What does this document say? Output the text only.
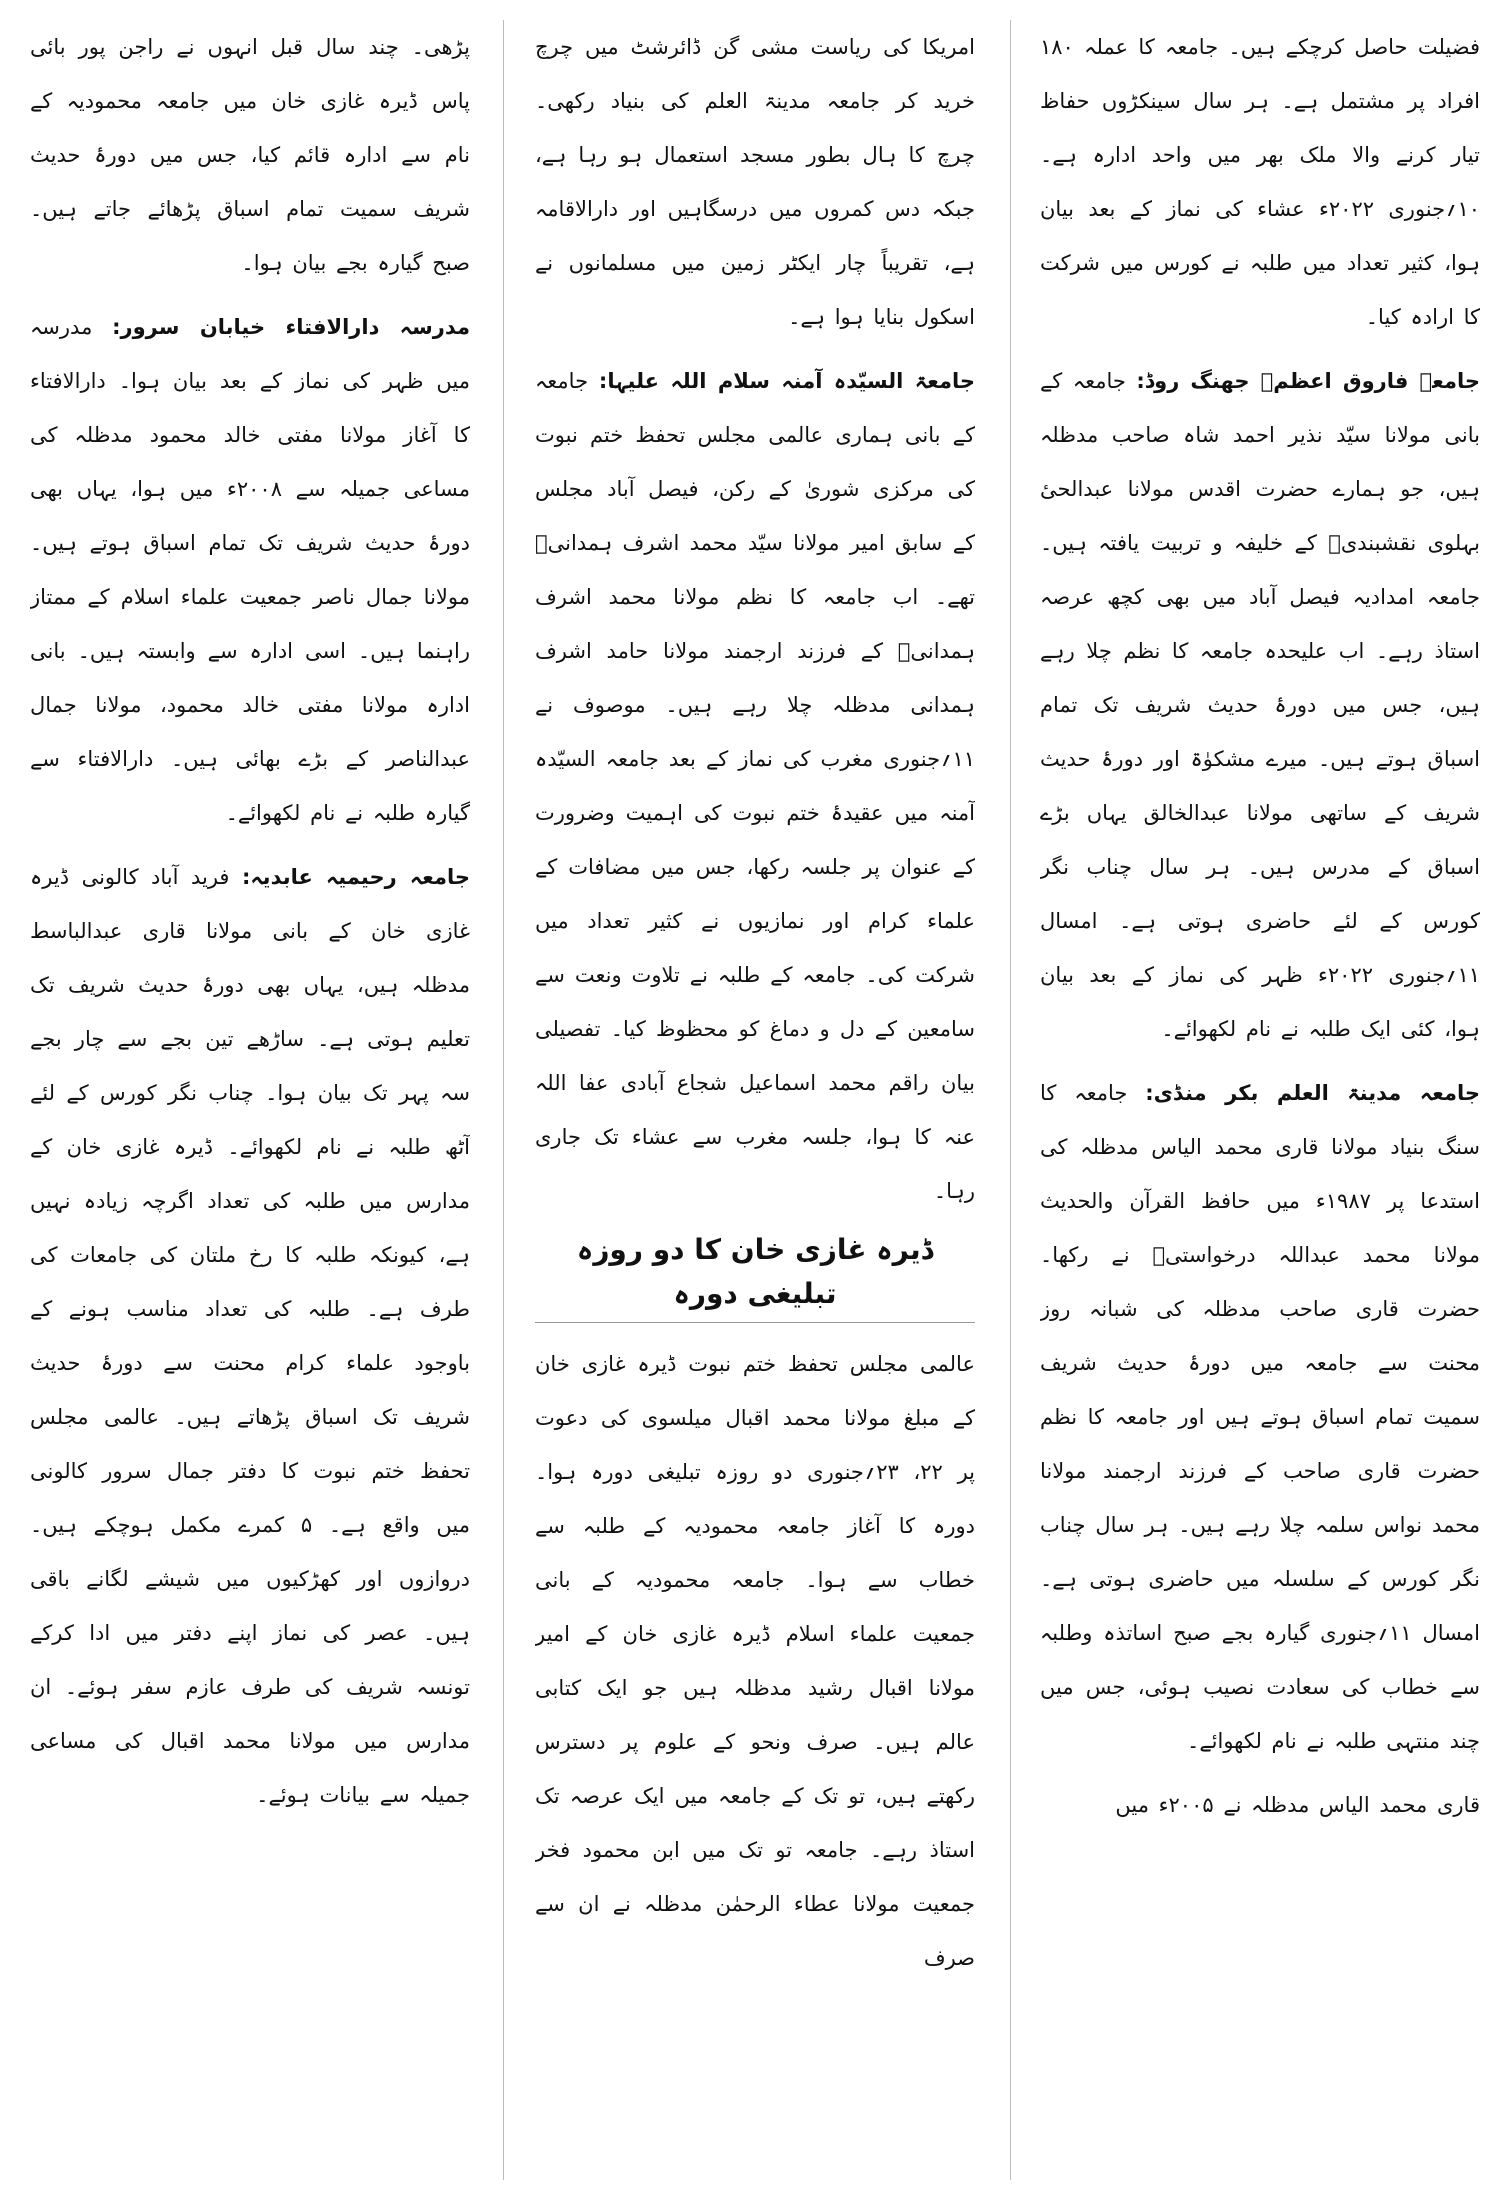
فضیلت حاصل کرچکے ہیں۔ جامعہ کا عملہ ۱۸۰ افراد پر مشتمل ہے۔ ہر سال سینکڑوں حفاظ تیار کرنے والا ملک بھر میں واحد ادارہ ہے۔ ۱۰؍جنوری ۲۰۲۲ء عشاء کی نماز کے بعد بیان ہوا، کثیر تعداد میں طلبہ نے کورس میں شرکت کا ارادہ کیا۔

جامعہ فاروق اعظمؓ جھنگ روڈ: جامعہ کے بانی مولانا سیّد نذیر احمد شاہ صاحب مدظلہ ہیں، جو ہمارے حضرت اقدس مولانا عبدالحیٔ بہلوی نقشبندیؒ کے خلیفہ و تربیت یافتہ ہیں۔ جامعہ امدادیہ فیصل آباد میں بھی کچھ عرصہ استاذ رہے۔ اب علیحدہ جامعہ کا نظم چلا رہے ہیں، جس میں دورۂ حدیث شریف تک تمام اسباق ہوتے ہیں۔ میرے مشکوٰۃ اور دورۂ حدیث شریف کے ساتھی مولانا عبدالخالق یہاں بڑے اسباق کے مدرس ہیں۔ ہر سال چناب نگر کورس کے لئے حاضری ہوتی ہے۔ امسال ۱۱؍جنوری ۲۰۲۲ء ظہر کی نماز کے بعد بیان ہوا، کئی ایک طلبہ نے نام لکھوائے۔

جامعہ مدینۃ العلم بکر منڈی: جامعہ کا سنگ بنیاد مولانا قاری محمد الیاس مدظلہ کی استدعا پر ۱۹۸۷ء میں حافظ القرآن والحدیث مولانا محمد عبداللہ درخواستیؒ نے رکھا۔ حضرت قاری صاحب مدظلہ کی شبانہ روز محنت سے جامعہ میں دورۂ حدیث شریف سمیت تمام اسباق ہوتے ہیں اور جامعہ کا نظم حضرت قاری صاحب کے فرزند ارجمند مولانا محمد نواس سلمہ چلا رہے ہیں۔ ہر سال چناب نگر کورس کے سلسلہ میں حاضری ہوتی ہے۔ امسال ۱۱؍جنوری گیارہ بجے صبح اساتذہ وطلبہ سے خطاب کی سعادت نصیب ہوئی، جس میں چند منتہی طلبہ نے نام لکھوائے۔

قاری محمد الیاس مدظلہ نے ۲۰۰۵ء میں

امریکا کی ریاست مشی گن ڈائرشٹ میں چرچ خرید کر جامعہ مدینۃ العلم کی بنیاد رکھی۔ چرچ کا ہال بطور مسجد استعمال ہو رہا ہے، جبکہ دس کمروں میں درسگاہیں اور دارالاقامہ ہے، تقریباً چار ایکٹر زمین میں مسلمانوں نے اسکول بنایا ہوا ہے۔

جامعۃ السیّدہ آمنہ سلام اللہ علیہا: جامعہ کے بانی ہماری عالمی مجلس تحفظ ختم نبوت کی مرکزی شوریٰ کے رکن، فیصل آباد مجلس کے سابق امیر مولانا سیّد محمد اشرف ہمدانیؒ تھے۔ اب جامعہ کا نظم مولانا محمد اشرف ہمدانیؒ کے فرزند ارجمند مولانا حامد اشرف ہمدانی مدظلہ چلا رہے ہیں۔ موصوف نے ۱۱؍جنوری مغرب کی نماز کے بعد جامعہ السیّدہ آمنہ میں عقیدۂ ختم نبوت کی اہمیت وضرورت کے عنوان پر جلسہ رکھا، جس میں مضافات کے علماء کرام اور نمازیوں نے کثیر تعداد میں شرکت کی۔ جامعہ کے طلبہ نے تلاوت ونعت سے سامعین کے دل و دماغ کو محظوظ کیا۔ تفصیلی بیان راقم محمد اسماعیل شجاع آبادی عفا اللہ عنہ کا ہوا، جلسہ مغرب سے عشاء تک جاری رہا۔

ڈیرہ غازی خان کا دو روزہ تبلیغی دورہ

عالمی مجلس تحفظ ختم نبوت ڈیرہ غازی خان کے مبلغ مولانا محمد اقبال میلسوی کی دعوت پر ۲۲، ۲۳؍جنوری دو روزہ تبلیغی دورہ ہوا۔ دورہ کا آغاز جامعہ محمودیہ کے طلبہ سے خطاب سے ہوا۔ جامعہ محمودیہ کے بانی جمعیت علماء اسلام ڈیرہ غازی خان کے امیر مولانا اقبال رشید مدظلہ ہیں جو ایک کتابی عالم ہیں۔ صرف ونحو کے علوم پر دسترس رکھتے ہیں، تو تک کے جامعہ میں ایک عرصہ تک استاذ رہے۔ جامعہ تو تک میں ابن محمود فخر جمعیت مولانا عطاء الرحمٰن مدظلہ نے ان سے صرف

پڑھی۔ چند سال قبل انہوں نے راجن پور بائی پاس ڈیرہ غازی خان میں جامعہ محمودیہ کے نام سے ادارہ قائم کیا، جس میں دورۂ حدیث شریف سمیت تمام اسباق پڑھائے جاتے ہیں۔ صبح گیارہ بجے بیان ہوا۔

مدرسہ دارالافتاء خیابان سرور: مدرسہ میں ظہر کی نماز کے بعد بیان ہوا۔ دارالافتاء کا آغاز مولانا مفتی خالد محمود مدظلہ کی مساعی جمیلہ سے ۲۰۰۸ء میں ہوا، یہاں بھی دورۂ حدیث شریف تک تمام اسباق ہوتے ہیں۔ مولانا جمال ناصر جمعیت علماء اسلام کے ممتاز راہنما ہیں۔ اسی ادارہ سے وابستہ ہیں۔ بانی ادارہ مولانا مفتی خالد محمود، مولانا جمال عبدالناصر کے بڑے بھائی ہیں۔ دارالافتاء سے گیارہ طلبہ نے نام لکھوائے۔

جامعہ رحیمیہ عابدیہ: فرید آباد کالونی ڈیرہ غازی خان کے بانی مولانا قاری عبدالباسط مدظلہ ہیں، یہاں بھی دورۂ حدیث شریف تک تعلیم ہوتی ہے۔ ساڑھے تین بجے سے چار بجے سہ پہر تک بیان ہوا۔ چناب نگر کورس کے لئے آٹھ طلبہ نے نام لکھوائے۔ ڈیرہ غازی خان کے مدارس میں طلبہ کی تعداد اگرچہ زیادہ نہیں ہے، کیونکہ طلبہ کا رخ ملتان کی جامعات کی طرف ہے۔ طلبہ کی تعداد مناسب ہونے کے باوجود علماء کرام محنت سے دورۂ حدیث شریف تک اسباق پڑھاتے ہیں۔ عالمی مجلس تحفظ ختم نبوت کا دفتر جمال سرور کالونی میں واقع ہے۔ ۵ کمرے مکمل ہوچکے ہیں۔ دروازوں اور کھڑکیوں میں شیشے لگانے باقی ہیں۔ عصر کی نماز اپنے دفتر میں ادا کرکے تونسہ شریف کی طرف عازم سفر ہوئے۔ ان مدارس میں مولانا محمد اقبال کی مساعی جمیلہ سے بیانات ہوئے۔
